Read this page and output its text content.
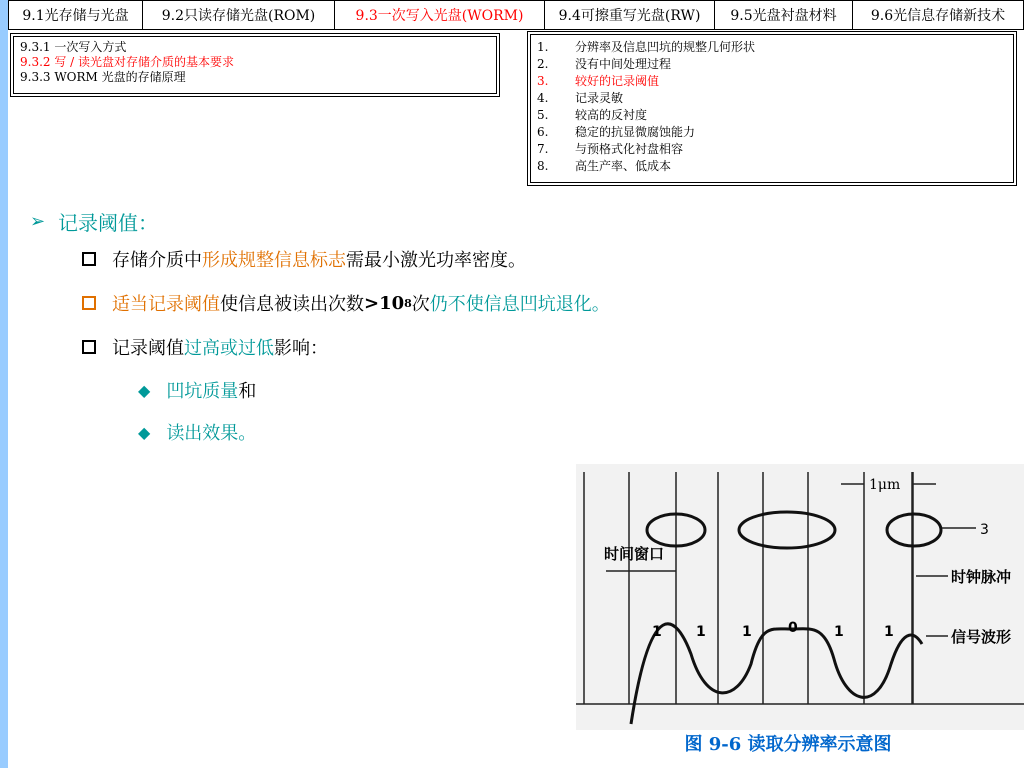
9.1光存储与光盘	9.2只读存储光盘(ROM)	9.3一次写入光盘(WORM)	9.4可擦重写光盘(RW)	9.5光盘衬盘材料	9.6光信息存储新技术
9.3.1 一次写入方式
9.3.2 写 / 读光盘对存储介质的基本要求
9.3.3 WORM 光盘的存储原理
1.	分辨率及信息凹坑的规整几何形状
2.	没有中间处理过程
3.	较好的记录阈值
4.	记录灵敏
5.	较高的反衬度
6.	稳定的抗显微腐蚀能力
7.	与预格式化衬盘相容
8.	高生产率、低成本
➢ 记录阈值：
存储介质中 形成规整信息标志 需最小激光功率密度。
适当记录阈值 使信息被读出次数 >10 8 次 仍不使信息凹坑退化。
记录阈值 过高或过低 影响：
◆ 凹坑质量 和
◆ 读出效果。
1μm
3
时间窗口
时钟脉冲
信号波形
1 1	1	0	1	1
图 9-6 读取分辨率示意图
